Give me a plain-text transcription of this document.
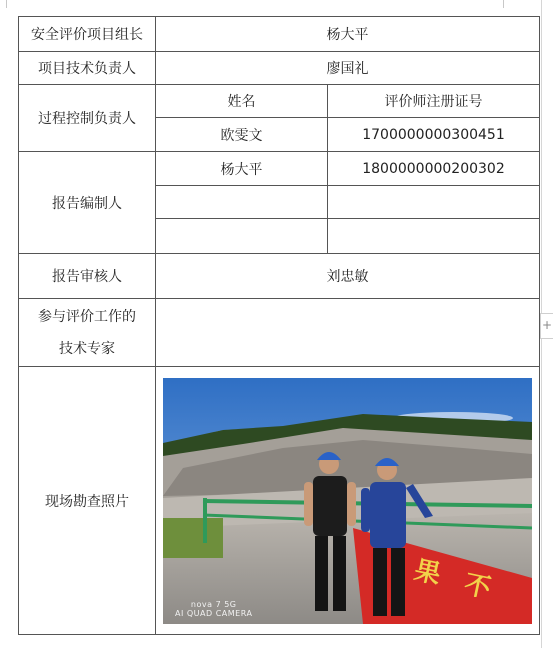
+
安全评价项目组长	杨大平	
项目技术负责人	廖国礼	
过程控制负责人	姓名	评价师注册证号
	欧雯文	1700000000300451
报告编制人	杨大平	1800000000200302

报告审核人	刘忠敏	

参与评价工作的
技术专家		

现场勘查照片	果 不
nova 7 5G
AI QUAD CAMERA	
